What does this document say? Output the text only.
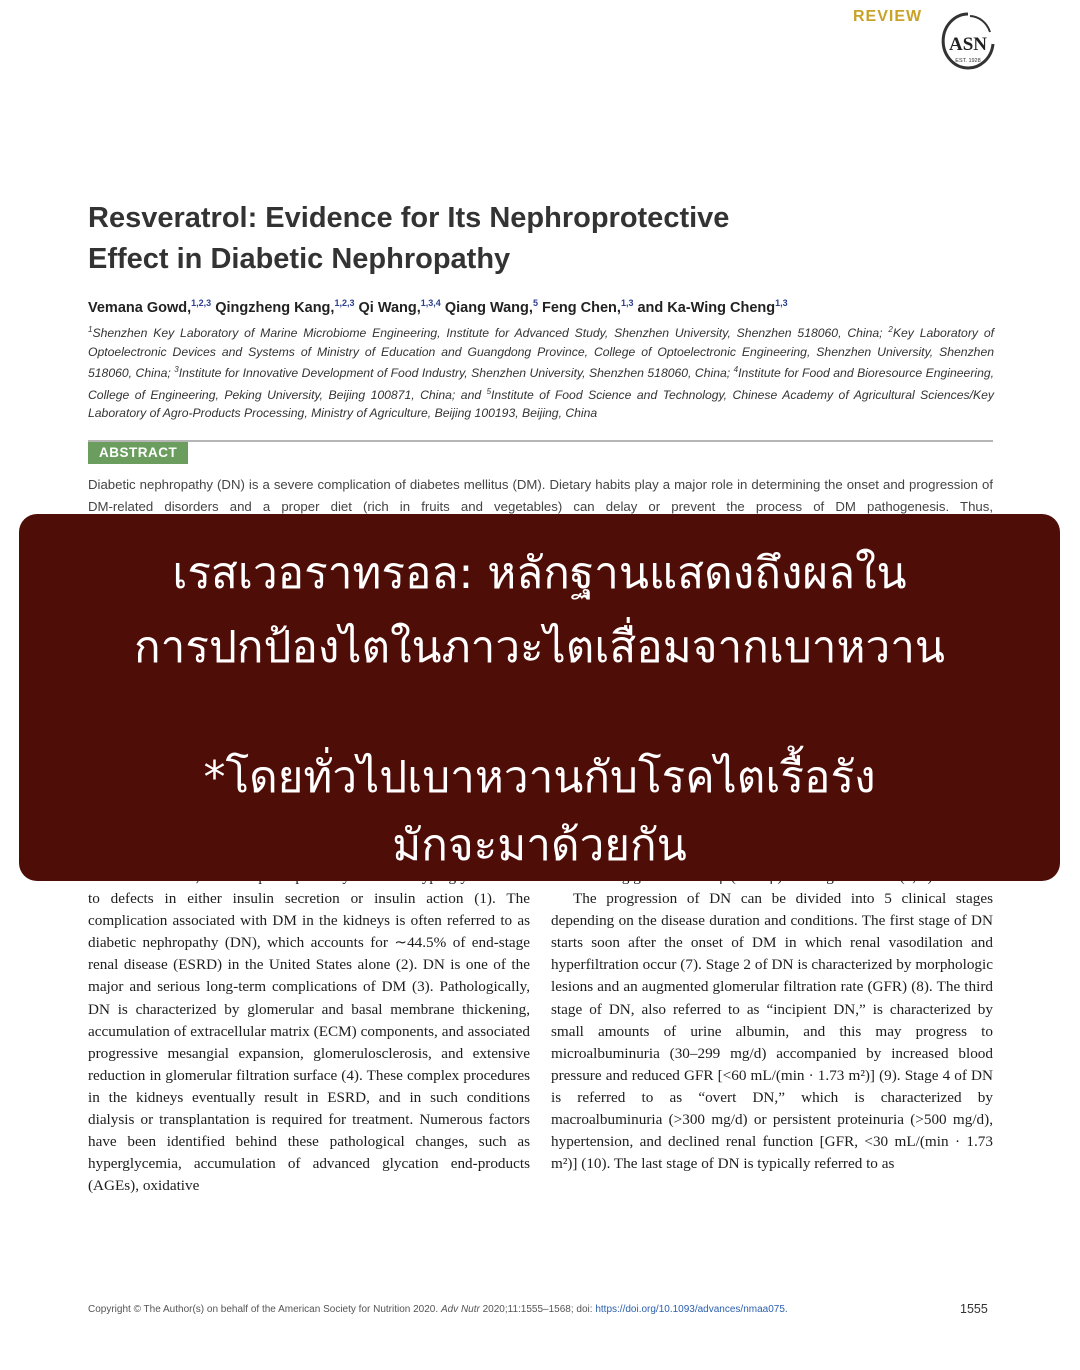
REVIEW
ASN
EST. 1928
Resveratrol: Evidence for Its Nephroprotective
Effect in Diabetic Nephropathy
Vemana Gowd,$^{1,2,3}$ Qingzheng Kang,$^{1,2,3}$ Qi Wang,$^{1,3,4}$ Qiang Wang,$^5$ Feng Chen,$^{1,3}$ and Ka-Wing Cheng$^{1,3}$
$^1$Shenzhen Key Laboratory of Marine Microbiome Engineering, Institute for Advanced Study, Shenzhen University, Shenzhen 518060, China; $^2$Key Laboratory of Optoelectronic Devices and Systems of Ministry of Education and Guangdong Province, College of Optoelectronic Engineering, Shenzhen University, Shenzhen 518060, China; $^3$Institute for Innovative Development of Food Industry, Shenzhen University, Shenzhen 518060, China; $^4$Institute for Food and Bioresource Engineering, College of Engineering, Peking University, Beijing 100871, China; and $^5$Institute of Food Science and Technology, Chinese Academy of Agricultural Sciences/Key Laboratory of Agro-Products Processing, Ministry of Agriculture, Beijing 100193, Beijing, China
ABSTRACT
Diabetic nephropathy (DN) is a severe complication of diabetes mellitus (DM). Dietary habits play a major role in determining the onset and progression of DM-related disorders and a proper diet (rich in fruits and vegetables) can delay or prevent the process of DM pathogenesis. Thus,

to defects in either insulin secretion or insulin action (1). The complication associated with DM in the kidneys is often referred to as diabetic nephropathy (DN), which accounts for ∼44.5% of end-stage renal disease (ESRD) in the United States alone (2). DN is one of the major and serious long-term complications of DM (3). Pathologically, DN is characterized by glomerular and basal membrane thickening, accumulation of extracellular matrix (ECM) components, and associated progressive mesangial expansion, glomerulosclerosis, and extensive reduction in glomerular filtration surface (4). These complex procedures in the kidneys eventually result in ESRD, and in such conditions dialysis or transplantation is required for treatment. Numerous factors have been identified behind these pathological changes, such as hyperglycemia, accumulation of advanced glycation end-products (AGEs), oxidative

The progression of DN can be divided into 5 clinical stages depending on the disease duration and conditions. The first stage of DN starts soon after the onset of DM in which renal vasodilation and hyperfiltration occur (7). Stage 2 of DN is characterized by morphologic lesions and an augmented glomerular filtration rate (GFR) (8). The third stage of DN, also referred to as “incipient DN,” is characterized by small amounts of urine albumin, and this may progress to microalbuminuria (30–299 mg/d) accompanied by increased blood pressure and reduced GFR [<60 mL/(min · 1.73 m²)] (9). Stage 4 of DN is referred to as “overt DN,” which is characterized by macroalbuminuria (>300 mg/d) or persistent proteinuria (>500 mg/d), hypertension, and declined renal function [GFR, <30 mL/(min · 1.73 m²)] (10). The last stage of DN is typically referred to as

เรสเวอราทรอล: หลักฐานแสดงถึงผลใน
การปกป้องไตในภาวะไตเสื่อมจากเบาหวาน
*โดยทั่วไปเบาหวานกับโรคไตเรื้อรัง
มักจะมาด้วยกัน
Copyright © The Author(s) on behalf of the American Society for Nutrition 2020. Adv Nutr 2020;11:1555–1568; doi: https://doi.org/10.1093/advances/nmaa075.	1555
